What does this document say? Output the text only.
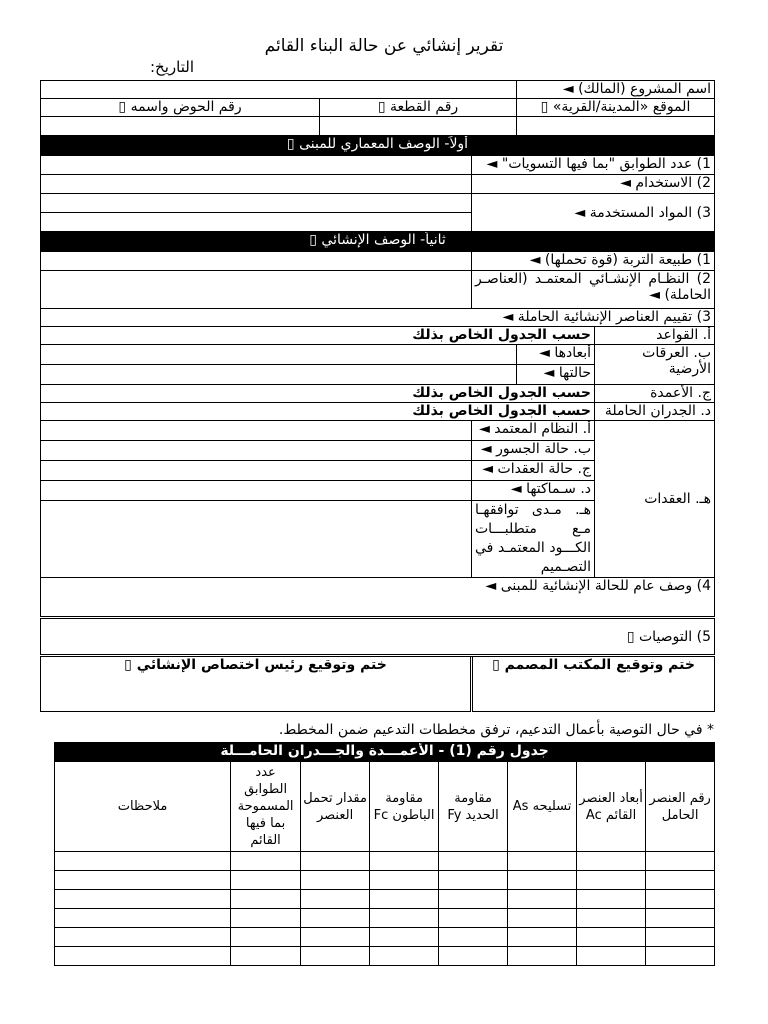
تقرير إنشائي عن حالة البناء القائم
التاريخ:
اسم المشروع (المالك) ◄				
الموقع «المدينة/القرية» ▯		رقم القطعة ▯		رقم الحوض واسمه ▯

أولاً- الوصف المعماري للمبنى ▯				
1) عدد الطوابق "بما فيها التسويات" ◄				
2) الاستخدام ◄				
3) المواد المستخدمة ◄				

ثانياً- الوصف الإنشائي ▯				
1) طبيعة التربة (قوة تحملها) ◄				
2) النظـام الإنشـائي المعتمـد (العناصـر الحاملة) ◄				
3) تقييم العناصر الإنشائية الحاملة ◄				
أ. القواعد	حسب الجدول الخاص بذلك			
ب. العرقات الأرضية	أبعادها ◄			
	حالتها ◄			
ج. الأعمدة	حسب الجدول الخاص بذلك			
د. الجدران الحاملة	حسب الجدول الخاص بذلك			
هـ. العقدات	أ. النظام المعتمد ◄			
	ب. حالة الجسور ◄			
	ج. حالة العقدات ◄			
	د. سـماكتها ◄			
	هـ. مـدى توافقهـا مـع متطلبـــات الكـــود المعتمـد في التصـميم			
4) وصف عام للحالة الإنشائية للمبنى ◄				
5) التوصيات ▯				
ختم وتوقيع المكتب المصمم ▯			ختم وتوقيع رئيس اختصاص الإنشائي ▯	
* في حال التوصية بأعمال التدعيم، ترفق مخططات التدعيم ضمن المخطط.
جدول رقم (1) - الأعمـــدة والجـــدران الحامـــلة							
رقم العنصر الحامل	أبعاد العنصر القائم Ac	تسليحه As	مقاومة الحديد Fy	مقاومة الباطون Fc	مقدار تحمل العنصر	عدد الطوابق المسموحة بما فيها القائم	ملاحظات
